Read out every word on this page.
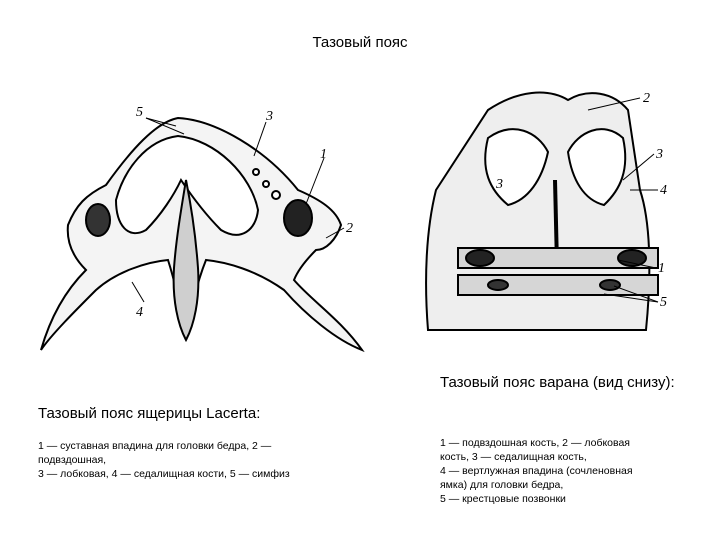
Тазовый пояс
5	3
1
2
4
2
3
3	4
1
5
Тазовый пояс ящерицы Lacerta:
1 — суставная впадина для головки бедра, 2 —
подвздошная,
3 — лобковая, 4 — седалищная кости, 5 — симфиз
Тазовый пояс варана (вид снизу):
1 — подвздошная кость, 2 — лобковая
кость, 3 — седалищная кость,
4 — вертлужная впадина (сочленовная
ямка) для головки бедра,
5 — крестцовые позвонки
